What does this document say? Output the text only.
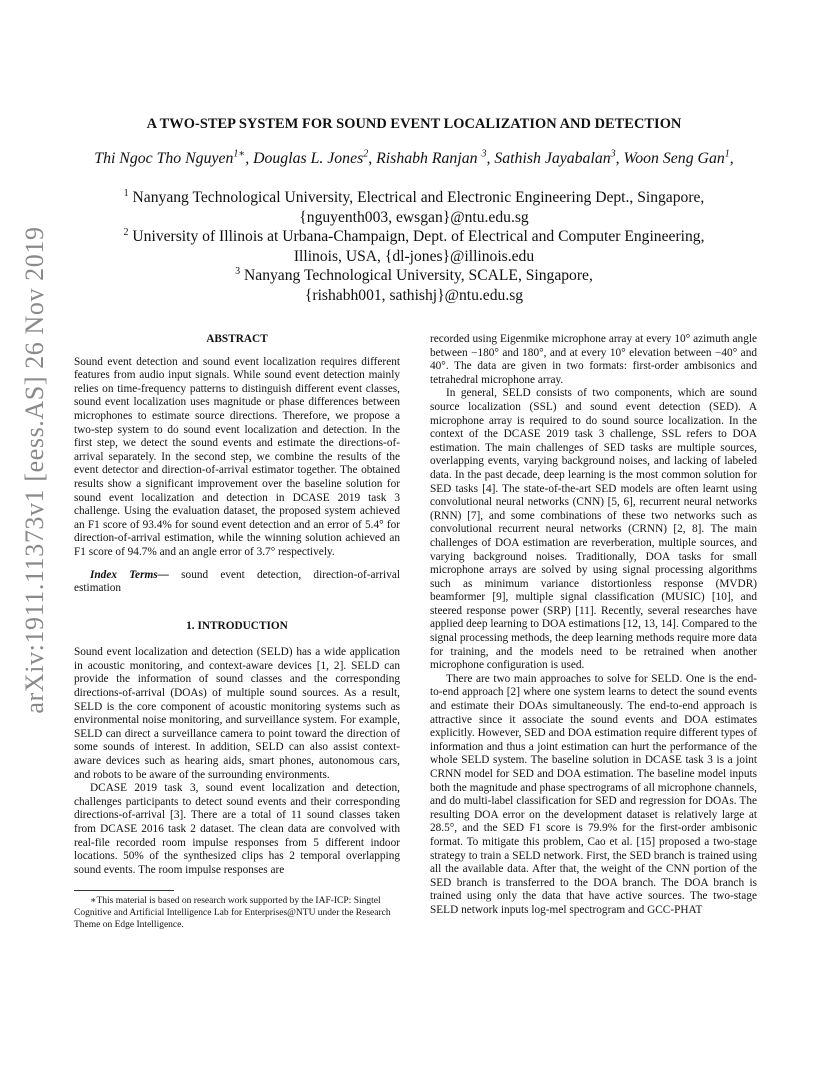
arXiv:1911.11373v1 [eess.AS] 26 Nov 2019
A TWO-STEP SYSTEM FOR SOUND EVENT LOCALIZATION AND DETECTION
Thi Ngoc Tho Nguyen$^{1∗}$, Douglas L. Jones$^2$, Rishabh Ranjan $^3$, Sathish Jayabalan$^3$, Woon Seng Gan$^1$,
$^1$ Nanyang Technological University, Electrical and Electronic Engineering Dept., Singapore,
{nguyenth003, ewsgan}@ntu.edu.sg
$^2$ University of Illinois at Urbana-Champaign, Dept. of Electrical and Computer Engineering,
Illinois, USA, {dl-jones}@illinois.edu
$^3$ Nanyang Technological University, SCALE, Singapore,
{rishabh001, sathishj}@ntu.edu.sg

ABSTRACT

Sound event detection and sound event localization requires different features from audio input signals. While sound event detection mainly relies on time-frequency patterns to distinguish different event classes, sound event localization uses magnitude or phase differences between microphones to estimate source directions. Therefore, we propose a two-step system to do sound event localization and detection. In the first step, we detect the sound events and estimate the directions-of-arrival separately. In the second step, we combine the results of the event detector and direction-of-arrival estimator together. The obtained results show a significant improvement over the baseline solution for sound event localization and detection in DCASE 2019 task 3 challenge. Using the evaluation dataset, the proposed system achieved an F1 score of 93.4% for sound event detection and an error of 5.4° for direction-of-arrival estimation, while the winning solution achieved an F1 score of 94.7% and an angle error of 3.7° respectively.

Index Terms— sound event detection, direction-of-arrival estimation

1. INTRODUCTION

Sound event localization and detection (SELD) has a wide application in acoustic monitoring, and context-aware devices [1, 2]. SELD can provide the information of sound classes and the corresponding directions-of-arrival (DOAs) of multiple sound sources. As a result, SELD is the core component of acoustic monitoring systems such as environmental noise monitoring, and surveillance system. For example, SELD can direct a surveillance camera to point toward the direction of some sounds of interest. In addition, SELD can also assist context-aware devices such as hearing aids, smart phones, autonomous cars, and robots to be aware of the surrounding environments.

DCASE 2019 task 3, sound event localization and detection, challenges participants to detect sound events and their corresponding directions-of-arrival [3]. There are a total of 11 sound classes taken from DCASE 2016 task 2 dataset. The clean data are convolved with real-file recorded room impulse responses from 5 different indoor locations. 50% of the synthesized clips has 2 temporal overlapping sound events. The room impulse responses are

∗This material is based on research work supported by the IAF-ICP: Singtel Cognitive and Artificial Intelligence Lab for Enterprises@NTU under the Research Theme on Edge Intelligence.

recorded using Eigenmike microphone array at every 10° azimuth angle between −180° and 180°, and at every 10° elevation between −40° and 40°. The data are given in two formats: first-order ambisonics and tetrahedral microphone array.

In general, SELD consists of two components, which are sound source localization (SSL) and sound event detection (SED). A microphone array is required to do sound source localization. In the context of the DCASE 2019 task 3 challenge, SSL refers to DOA estimation. The main challenges of SED tasks are multiple sources, overlapping events, varying background noises, and lacking of labeled data. In the past decade, deep learning is the most common solution for SED tasks [4]. The state-of-the-art SED models are often learnt using convolutional neural networks (CNN) [5, 6], recurrent neural networks (RNN) [7], and some combinations of these two networks such as convolutional recurrent neural networks (CRNN) [2, 8]. The main challenges of DOA estimation are reverberation, multiple sources, and varying background noises. Traditionally, DOA tasks for small microphone arrays are solved by using signal processing algorithms such as minimum variance distortionless response (MVDR) beamformer [9], multiple signal classification (MUSIC) [10], and steered response power (SRP) [11]. Recently, several researches have applied deep learning to DOA estimations [12, 13, 14]. Compared to the signal processing methods, the deep learning methods require more data for training, and the models need to be retrained when another microphone configuration is used.

There are two main approaches to solve for SELD. One is the end-to-end approach [2] where one system learns to detect the sound events and estimate their DOAs simultaneously. The end-to-end approach is attractive since it associate the sound events and DOA estimates explicitly. However, SED and DOA estimation require different types of information and thus a joint estimation can hurt the performance of the whole SELD system. The baseline solution in DCASE task 3 is a joint CRNN model for SED and DOA estimation. The baseline model inputs both the magnitude and phase spectrograms of all microphone channels, and do multi-label classification for SED and regression for DOAs. The resulting DOA error on the development dataset is relatively large at 28.5°, and the SED F1 score is 79.9% for the first-order ambisonic format. To mitigate this problem, Cao et al. [15] proposed a two-stage strategy to train a SELD network. First, the SED branch is trained using all the available data. After that, the weight of the CNN portion of the SED branch is transferred to the DOA branch. The DOA branch is trained using only the data that have active sources. The two-stage SELD network inputs log-mel spectrogram and GCC-PHAT
